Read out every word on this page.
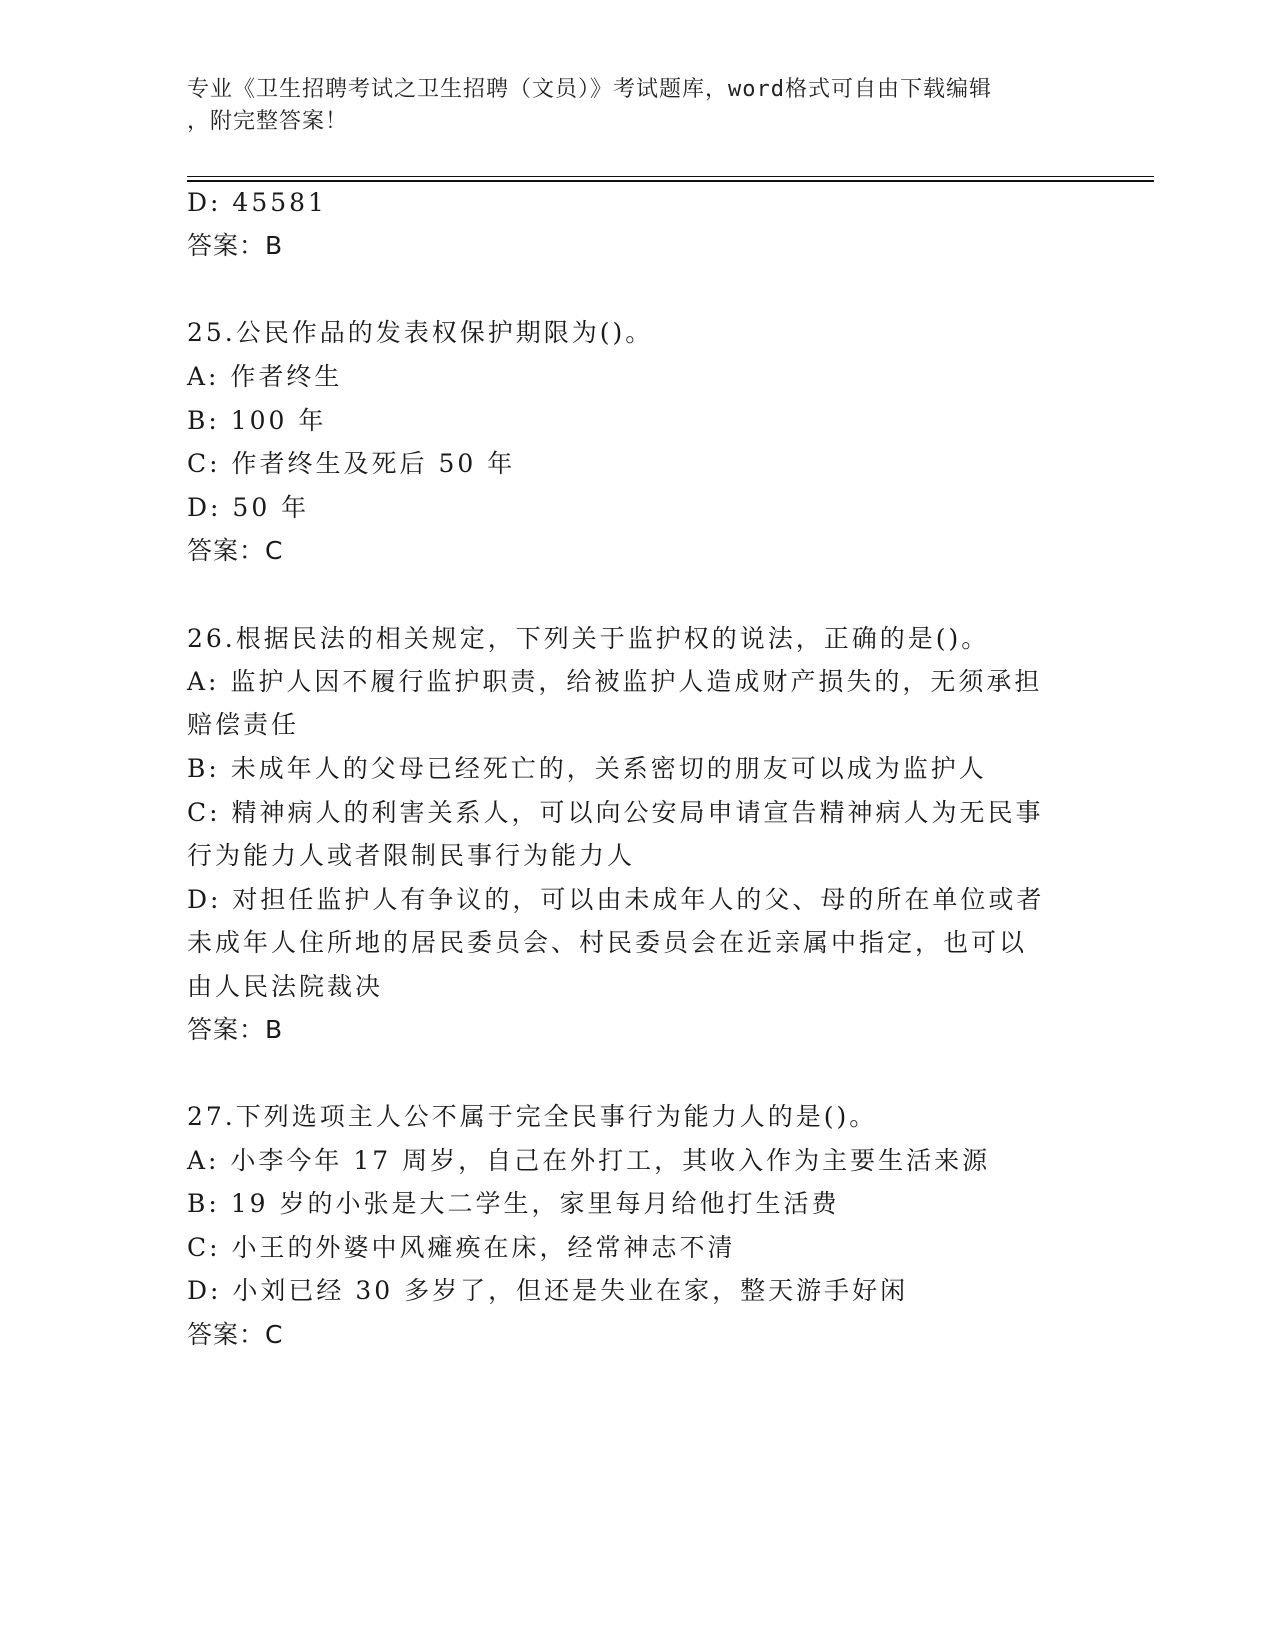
专业《卫生招聘考试之卫生招聘（文员）》考试题库，word格式可自由下载编辑
，附完整答案！
D: 45581
答案：B
25.公民作品的发表权保护期限为()。
A: 作者终生
B: 100 年
C: 作者终生及死后 50 年
D: 50 年
答案：C
26.根据民法的相关规定，下列关于监护权的说法，正确的是()。
A: 监护人因不履行监护职责，给被监护人造成财产损失的，无须承担
赔偿责任
B: 未成年人的父母已经死亡的，关系密切的朋友可以成为监护人
C: 精神病人的利害关系人，可以向公安局申请宣告精神病人为无民事
行为能力人或者限制民事行为能力人
D: 对担任监护人有争议的，可以由未成年人的父、母的所在单位或者
未成年人住所地的居民委员会、村民委员会在近亲属中指定，也可以
由人民法院裁决
答案：B
27.下列选项主人公不属于完全民事行为能力人的是()。
A: 小李今年 17 周岁，自己在外打工，其收入作为主要生活来源
B: 19 岁的小张是大二学生，家里每月给他打生活费
C: 小王的外婆中风瘫痪在床，经常神志不清
D: 小刘已经 30 多岁了，但还是失业在家，整天游手好闲
答案：C
